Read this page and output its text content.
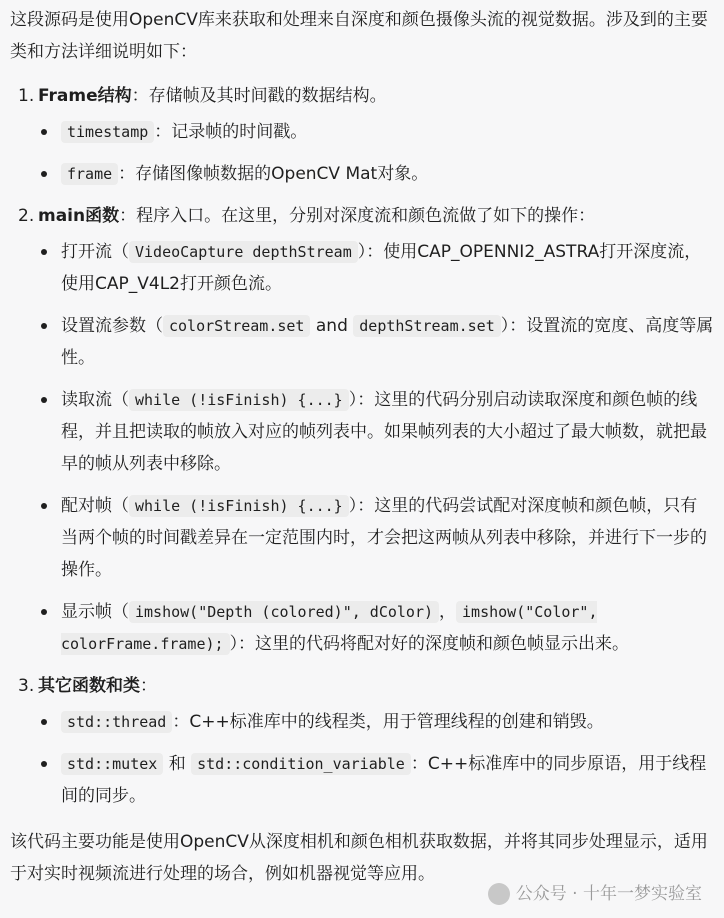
这段源码是使用OpenCV库来获取和处理来自深度和颜色摄像头流的视觉数据。涉及到的主要类和方法详细说明如下：

1. Frame结构：存储帧及其时间戳的数据结构。
timestamp ：记录帧的时间戳。
frame ：存储图像帧数据的OpenCV Mat对象。
2. main函数：程序入口。在这里，分别对深度流和颜色流做了如下的操作：
打开流（ VideoCapture depthStream ）：使用CAP_OPENNI2_ASTRA打开深度流，使用CAP_V4L2打开颜色流。
设置流参数（ colorStream.set and depthStream.set ）：设置流的宽度、高度等属性。
读取流（ while (!isFinish) {...} ）：这里的代码分别启动读取深度和颜色帧的线程，并且把读取的帧放入对应的帧列表中。如果帧列表的大小超过了最大帧数，就把最早的帧从列表中移除。
配对帧（ while (!isFinish) {...} ）：这里的代码尝试配对深度帧和颜色帧，只有当两个帧的时间戳差异在一定范围内时，才会把这两帧从列表中移除，并进行下一步的操作。
显示帧（ imshow("Depth (colored)", dColor) ， imshow("Color", colorFrame.frame); ）：这里的代码将配对好的深度帧和颜色帧显示出来。
3. 其它函数和类：
std::thread ：C++标准库中的线程类，用于管理线程的创建和销毁。
std::mutex 和 std::condition_variable ：C++标准库中的同步原语，用于线程间的同步。

该代码主要功能是使用OpenCV从深度相机和颜色相机获取数据，并将其同步处理显示，适用于对实时视频流进行处理的场合，例如机器视觉等应用。

公众号 · 十年一梦实验室
